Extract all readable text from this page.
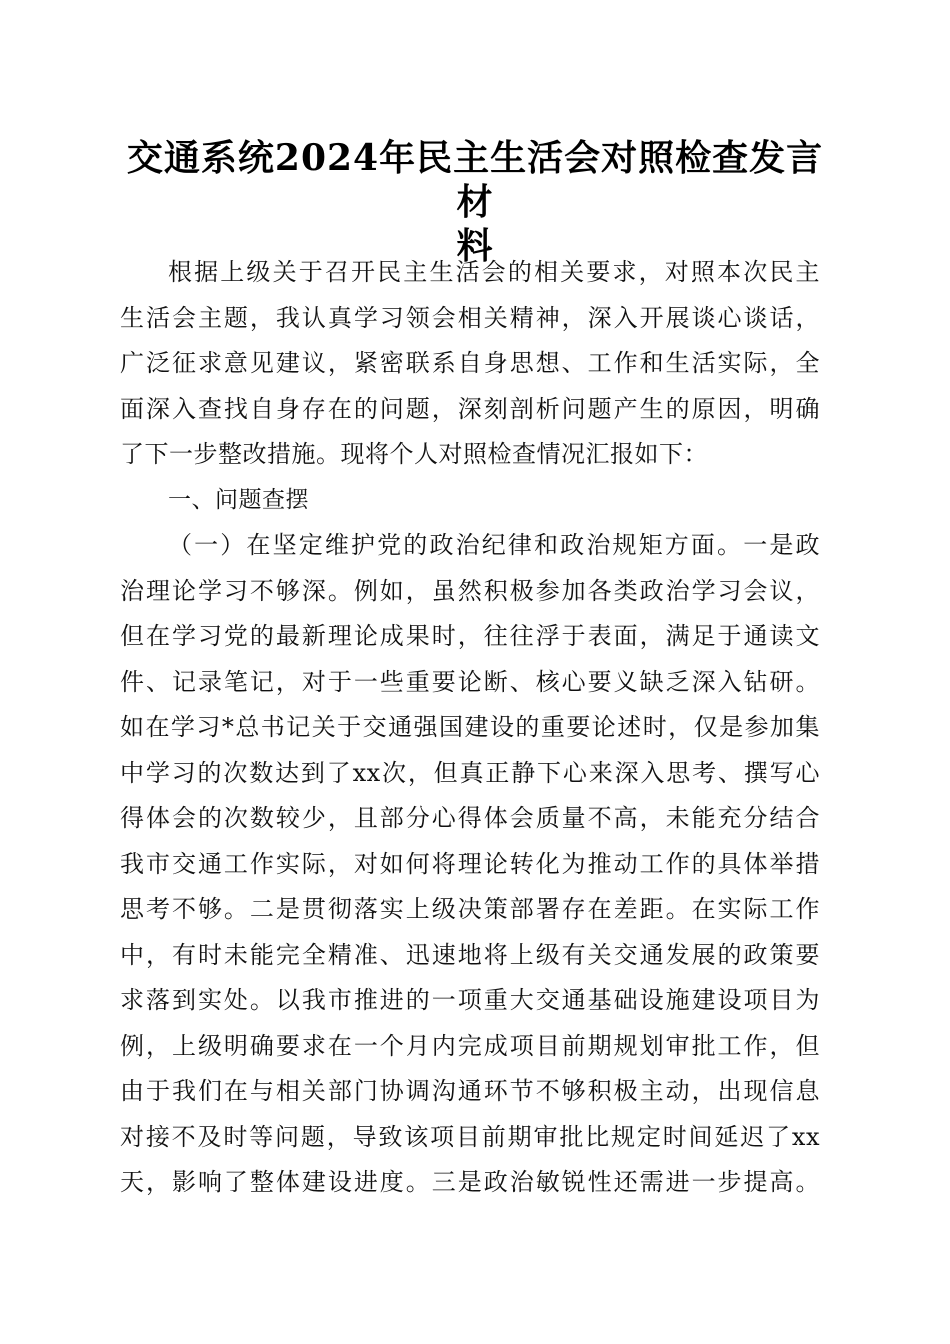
交通系统2024年民主生活会对照检查发言材
料
根据上级关于召开民主生活会的相关要求，对照本次民主
生活会主题，我认真学习领会相关精神，深入开展谈心谈话，
广泛征求意见建议，紧密联系自身思想、工作和生活实际，全
面深入查找自身存在的问题，深刻剖析问题产生的原因，明确
了下一步整改措施。现将个人对照检查情况汇报如下：
一、问题查摆
（一）在坚定维护党的政治纪律和政治规矩方面。一是政
治理论学习不够深。例如，虽然积极参加各类政治学习会议，
但在学习党的最新理论成果时，往往浮于表面，满足于通读文
件、记录笔记，对于一些重要论断、核心要义缺乏深入钻研。
如在学习*总书记关于交通强国建设的重要论述时，仅是参加集
中学习的次数达到了xx次，但真正静下心来深入思考、撰写心
得体会的次数较少，且部分心得体会质量不高，未能充分结合
我市交通工作实际，对如何将理论转化为推动工作的具体举措
思考不够。二是贯彻落实上级决策部署存在差距。在实际工作
中，有时未能完全精准、迅速地将上级有关交通发展的政策要
求落到实处。以我市推进的一项重大交通基础设施建设项目为
例，上级明确要求在一个月内完成项目前期规划审批工作，但
由于我们在与相关部门协调沟通环节不够积极主动，出现信息
对接不及时等问题，导致该项目前期审批比规定时间延迟了xx
天，影响了整体建设进度。三是政治敏锐性还需进一步提高。
